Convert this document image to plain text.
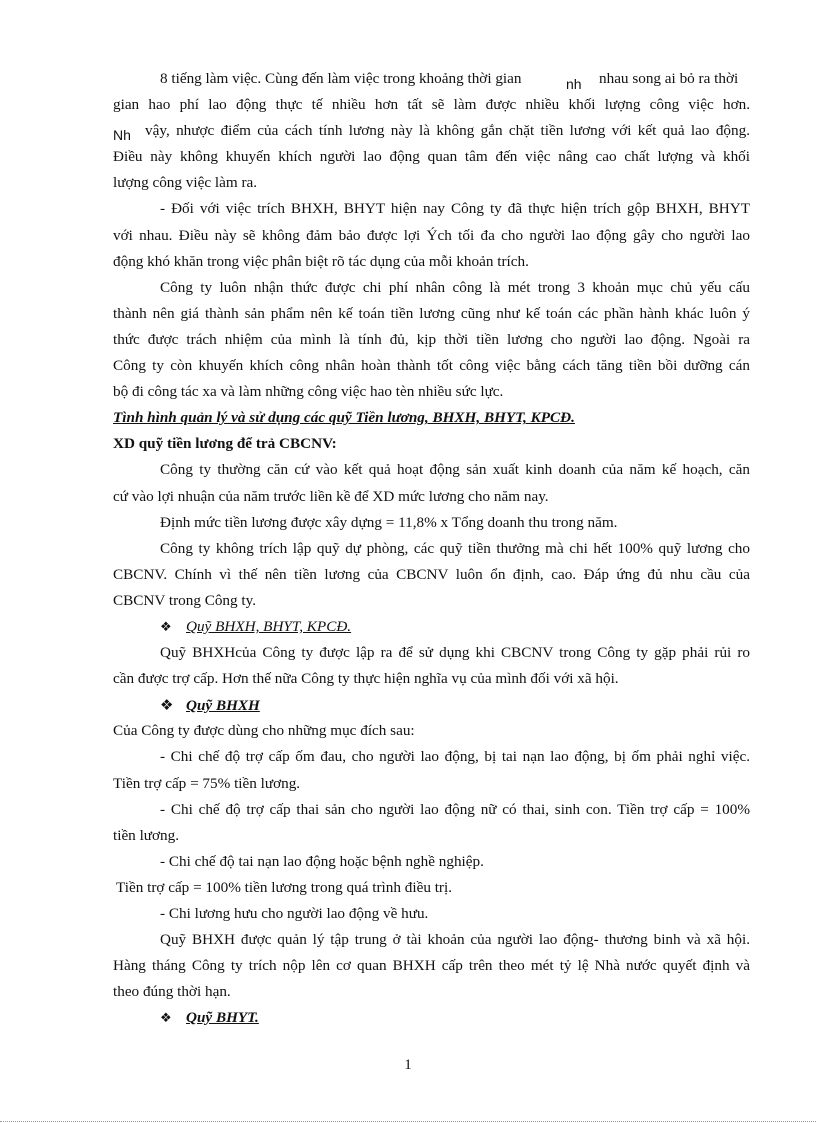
8 tiếng làm việc. Cùng đến làm việc trong khoảng thời gian	nh nhau song ai bỏ ra thời
gian hao phí lao động thực tế nhiều hơn tất sẽ làm được nhiều khối lượng công việc hơn.
Nh vậy, nhược điểm của cách tính lương này là không gắn chặt tiền lương với kết quả lao động.
Điều này không khuyến khích người lao động quan tâm đến việc nâng cao chất lượng và khối
lượng công việc làm ra.
- Đối với việc trích BHXH, BHYT hiện nay Công ty đã thực hiện trích gộp BHXH, BHYT
với nhau. Điều này sẽ không đảm bảo được lợi Ých tối đa cho người lao động gây cho người lao
động khó khăn trong việc phân biệt rõ tác dụng của mỗi khoản trích.
Công ty luôn nhận thức được chi phí nhân công là mét trong 3 khoản mục chủ yếu cấu
thành nên giá thành sản phẩm nên kế toán tiền lương cũng như kế toán các phần hành khác luôn ý
thức được trách nhiệm của mình là tính đủ, kịp thời tiền lương cho người lao động. Ngoài ra
Công ty còn khuyến khích công nhân hoàn thành tốt công việc bằng cách tăng tiền bồi dưỡng cán
bộ đi công tác xa và làm những công việc hao tèn nhiều sức lực.
Tình hình quản lý và sử dụng các quỹ Tiền lương, BHXH, BHYT, KPCĐ.
XD quỹ tiền lương để trả CBCNV:
Công ty thường căn cứ vào kết quả hoạt động sản xuất kinh doanh của năm kế hoạch, căn
cứ vào lợi nhuận của năm trước liền kề để XD mức lương cho năm nay.
Định mức tiền lương được xây dựng = 11,8% x Tổng doanh thu trong năm.
Công ty không trích lập quỹ dự phòng, các quỹ tiền thưởng mà chi hết 100% quỹ lương cho
CBCNV. Chính vì thế nên tiền lương của CBCNV luôn ổn định, cao. Đáp ứng đủ nhu cầu của
CBCNV trong Công ty.
❖ Quỹ BHXH, BHYT, KPCĐ.
Quỹ BHXHcủa Công ty được lập ra để sử dụng khi CBCNV trong Công ty gặp phải rủi ro
cần được trợ cấp. Hơn thế nữa Công ty thực hiện nghĩa vụ của mình đối với xã hội.
❖ Quỹ BHXH
Của Công ty được dùng cho những mục đích sau:
- Chi chế độ trợ cấp ốm đau, cho người lao động, bị tai nạn lao động, bị ốm phải nghỉ việc.
Tiền trợ cấp = 75% tiền lương.
- Chi chế độ trợ cấp thai sản cho người lao động nữ có thai, sinh con. Tiền trợ cấp = 100%
tiền lương.
- Chi chế độ tai nạn lao động hoặc bệnh nghề nghiệp.
Tiền trợ cấp = 100% tiền lương trong quá trình điều trị.
- Chi lương hưu cho người lao động về hưu.
Quỹ BHXH được quản lý tập trung ở tài khoản của người lao động- thương binh và xã hội.
Hàng tháng Công ty trích nộp lên cơ quan BHXH cấp trên theo mét tỷ lệ Nhà nước quyết định và
theo đúng thời hạn.
❖ Quỹ BHYT.
1
